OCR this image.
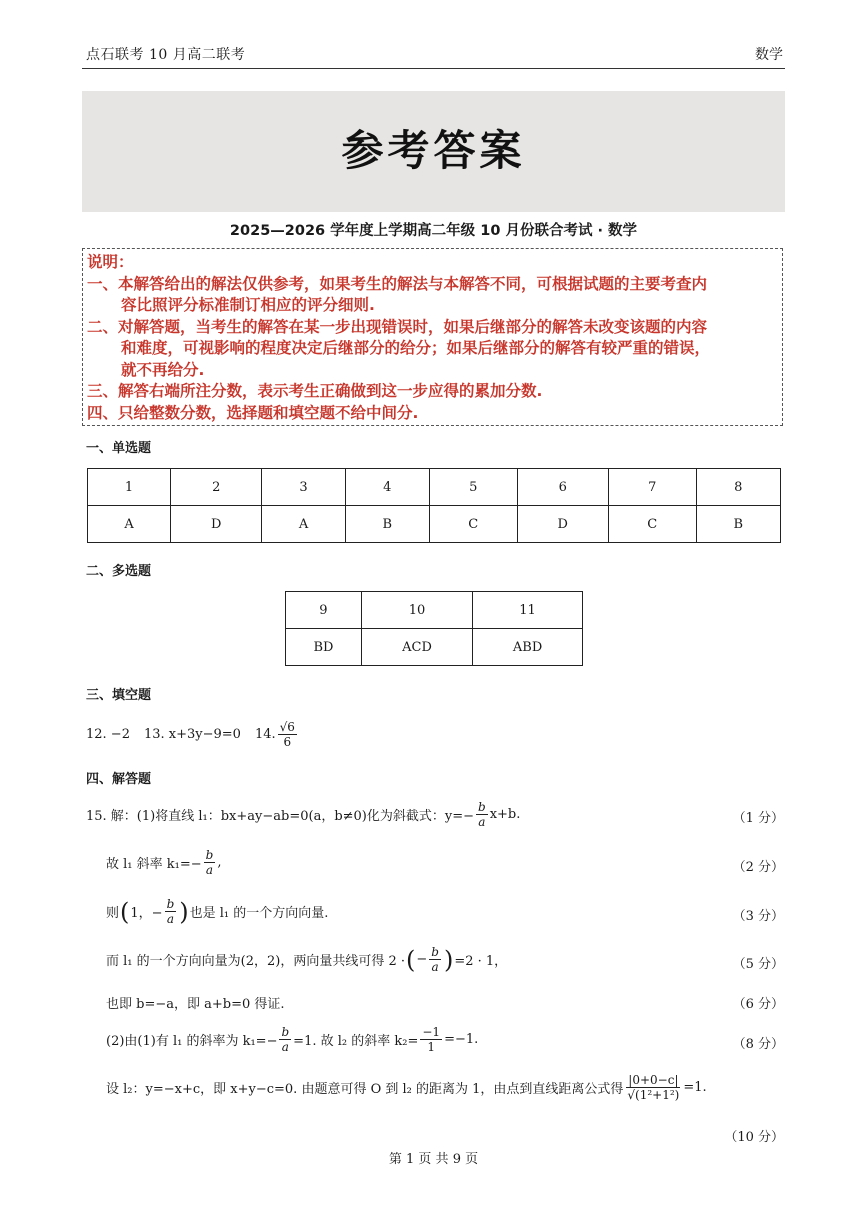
点石联考 10 月高二联考	数学
参考答案
2025—2026 学年度上学期高二年级 10 月份联合考试 · 数学
说明：
一、本解答给出的解法仅供参考，如果考生的解法与本解答不同，可根据试题的主要考查内
容比照评分标准制订相应的评分细则.
二、对解答题，当考生的解答在某一步出现错误时，如果后继部分的解答未改变该题的内容
和难度，可视影响的程度决定后继部分的给分；如果后继部分的解答有较严重的错误，
就不再给分.
三、解答右端所注分数，表示考生正确做到这一步应得的累加分数.
四、只给整数分数，选择题和填空题不给中间分.
一、单选题
1	2	3	4	5	6	7	8
A	D	A	B	C	D	C	B
二、多选题
9	10	11
BD	ACD	ABD
三、填空题
12. −2 13. x+3y−9=0 14. $\frac{√6}{6}$
四、解答题
15. 解：(1)将直线 l₁：bx+ay−ab=0(a，b≠0)化为斜截式：$y=- \frac{b}{a} x+b$.	（1 分）
故 l₁ 斜率 $k_1=- \frac{b}{a}$ ,	（2 分）
则 ( 1，− $\frac{b}{a}$ ) 也是 l₁ 的一个方向向量.	（3 分）
而 l₁ 的一个方向向量为(2，2)，两向量共线可得 2 · ( − $\frac{b}{a}$ ) =2 · 1，	（5 分）
也即 b=−a，即 a+b=0 得证.	（6 分）
(2)由(1)有 l₁ 的斜率为 $k_1=- \frac{b}{a} =1$. 故 l₂ 的斜率 $k_2= \frac{-1}{1} =-1$.	（8 分）
设 l₂：y=−x+c，即 x+y−c=0. 由题意可得 O 到 l₂ 的距离为 1，由点到直线距离公式得 $\frac{|0+0-c|}{\text{√(1²+1²)}} =1$.
（10 分）
第 1 页 共 9 页
